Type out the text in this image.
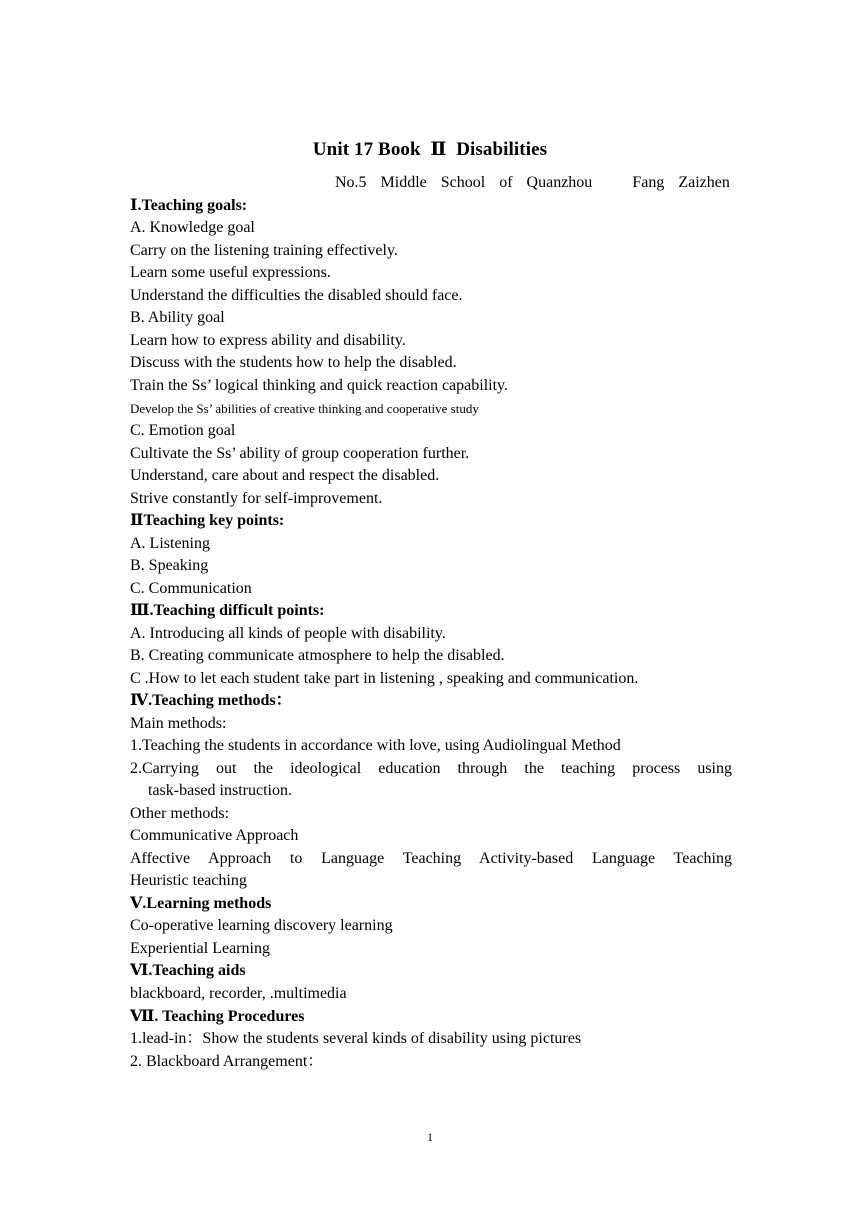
Unit 17 Book  Ⅱ  Disabilities
No.5  Middle  School  of  Quanzhou	Fang  Zaizhen
Ⅰ.Teaching goals:
A. Knowledge goal
Carry on the listening training effectively.
Learn some useful expressions.
Understand the difficulties the disabled should face.
B. Ability goal
Learn how to express ability and disability.
Discuss with the students how to help the disabled.
Train the Ss’ logical thinking and quick reaction capability.
Develop the Ss’ abilities of creative thinking and cooperative study
C. Emotion goal
Cultivate the Ss’ ability of group cooperation further.
Understand, care about and respect the disabled.
Strive constantly for self-improvement.
ⅡTeaching key points:
A. Listening
B. Speaking
C. Communication
Ⅲ.Teaching difficult points:
A. Introducing all kinds of people with disability.
B. Creating communicate atmosphere to help the disabled.
C .How to let each student take part in listening , speaking and communication.
Ⅳ.Teaching methods：
Main methods:
1.Teaching the students in accordance with love, using Audiolingual Method
2.Carrying out the ideological education through the teaching process using
task-based instruction.
Other methods:
Communicative Approach
Affective Approach to Language Teaching Activity-based Language Teaching
Heuristic teaching
Ⅴ.Learning methods
Co-operative learning discovery learning
Experiential Learning
Ⅵ.Teaching aids
blackboard, recorder, .multimedia
Ⅶ. Teaching Procedures
1.lead-in：Show the students several kinds of disability using pictures
2. Blackboard Arrangement：
1
